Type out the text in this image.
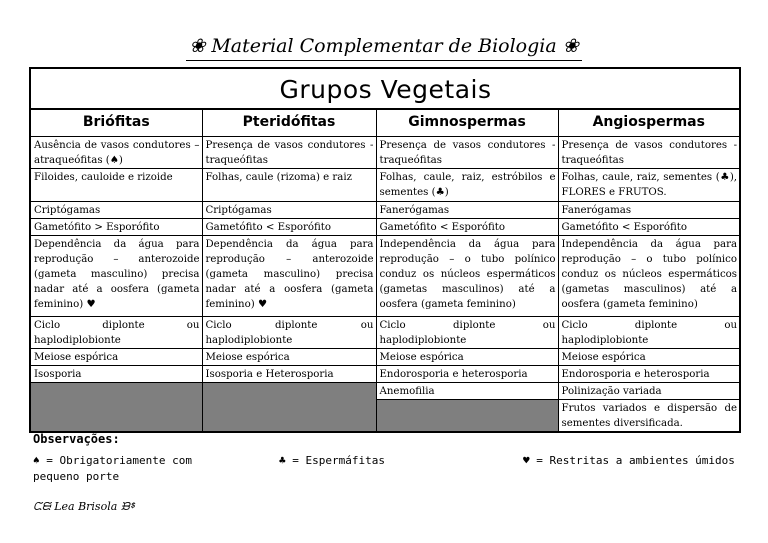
❀ Material Complementar de Biologia ❀
Grupos Vegetais			
Briófitas	Pteridófitas	Gimnospermas	Angiospermas
Ausência de vasos condutores – atraqueófitas (♠)	Presença de vasos condutores - traqueófitas	Presença de vasos condutores - traqueófitas	Presença de vasos condutores - traqueófitas
Filoides, cauloide e rizoide	Folhas, caule (rizoma) e raiz	Folhas, caule, raiz, estróbilos e sementes (♣)	Folhas, caule, raiz, sementes (♣), FLORES e FRUTOS.
Criptógamas	Criptógamas	Fanerógamas	Fanerógamas
Gametófito > Esporófito	Gametófito < Esporófito	Gametófito < Esporófito	Gametófito < Esporófito
Dependência da água para reprodução – anterozoide (gameta masculino) precisa nadar até a oosfera (gameta feminino) ♥	Dependência da água para reprodução – anterozoide (gameta masculino) precisa nadar até a oosfera (gameta feminino) ♥	Independência da água para reprodução – o tubo polínico conduz os núcleos espermáticos (gametas masculinos) até a oosfera (gameta feminino)	Independência da água para reprodução – o tubo polínico conduz os núcleos espermáticos (gametas masculinos) até a oosfera (gameta feminino)
Ciclo diplonte ou haplodiplobionte	Ciclo diplonte ou haplodiplobionte	Ciclo diplonte ou haplodiplobionte	Ciclo diplonte ou haplodiplobionte
Meiose espórica	Meiose espórica	Meiose espórica	Meiose espórica
Isosporia	Isosporia e Heterosporia	Endorosporia e heterosporia	Endorosporia e heterosporia
		Anemofilia	Polinização variada
			Frutos variados e dispersão de sementes diversificada.
Observações:
♠ = Obrigatoriamente com pequeno porte
♣ = Espermáfitas	♥ = Restritas a ambientes úmidos
ᙅᙦ Lea Brisola ᙖᙚ
